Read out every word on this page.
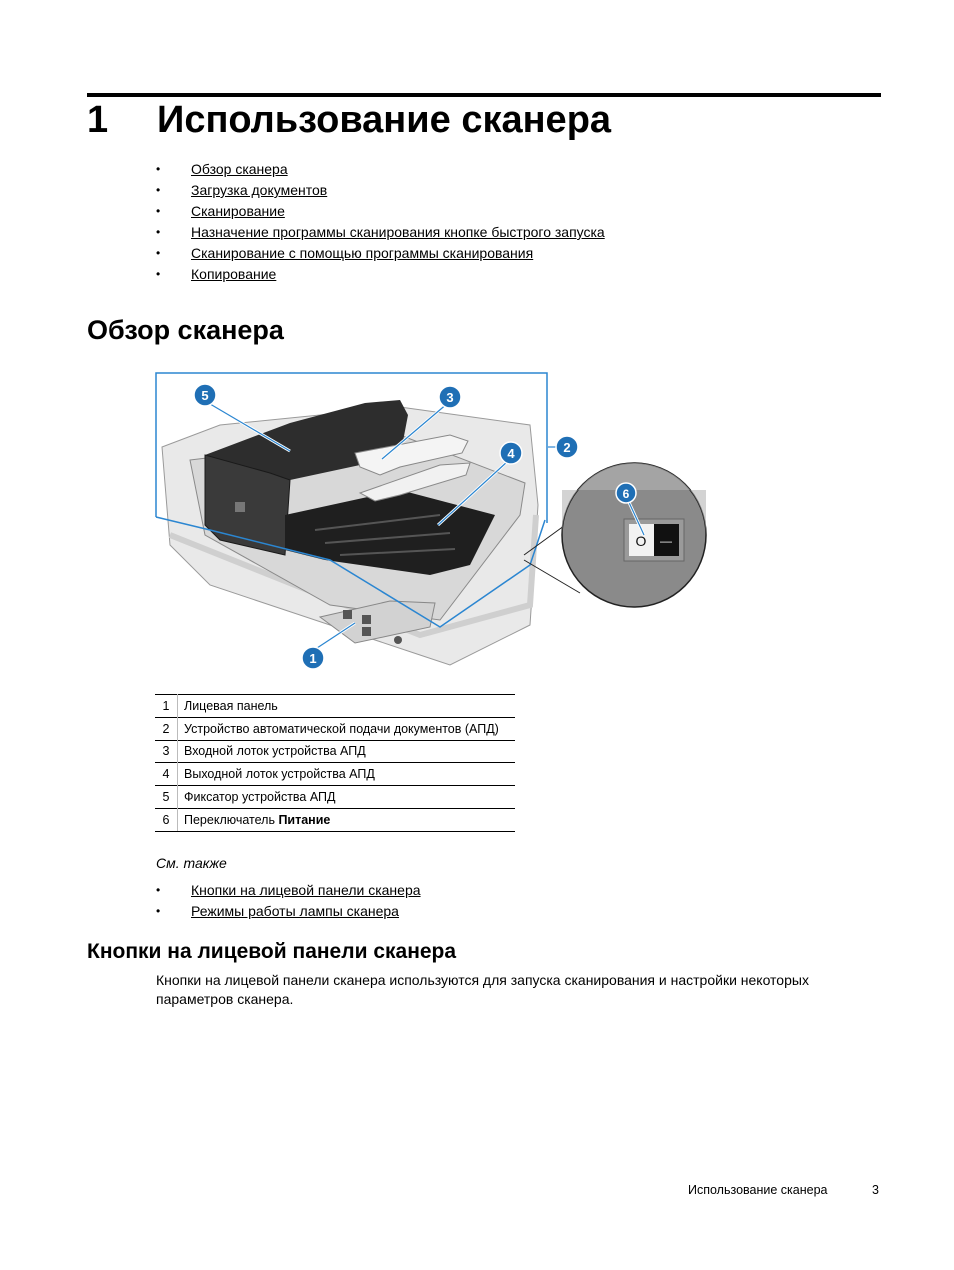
1 Использование сканера
• Обзор сканера
• Загрузка документов
• Сканирование
• Назначение программы сканирования кнопке быстрого запуска
• Сканирование с помощью программы сканирования
• Копирование
Обзор сканера
O —
5	3
2
4
1
6
1	Лицевая панель
2	Устройство автоматической подачи документов (АПД)
3	Входной лоток устройства АПД
4	Выходной лоток устройства АПД
5	Фиксатор устройства АПД
6	Переключатель Питание
См. также
• Кнопки на лицевой панели сканера
• Режимы работы лампы сканера
Кнопки на лицевой панели сканера
Кнопки на лицевой панели сканера используются для запуска сканирования и настройки некоторых параметров сканера.
Использование сканера	3
